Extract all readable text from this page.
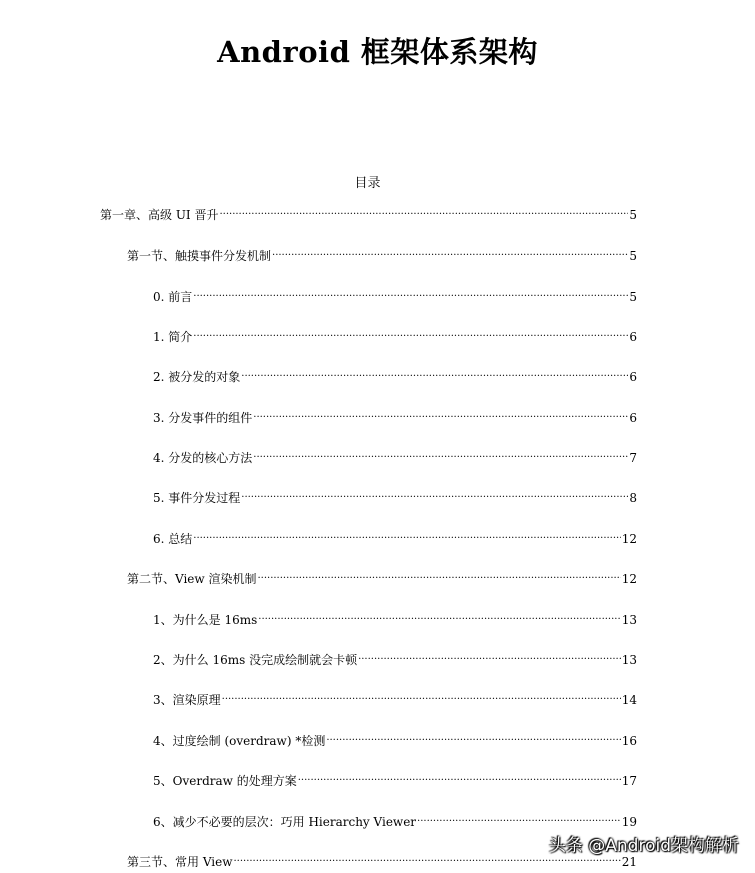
Android 框架体系架构
目录
第一章、高级 UI 晋升 .....	5
第一节、触摸事件分发机制 .....	5
0. 前言 .....	5
1. 简介 .....	6
2. 被分发的对象 .....	6
3. 分发事件的组件 .....	6
4. 分发的核心方法 .....	7
5. 事件分发过程 .....	8
6. 总结 .....	12
第二节、View 渲染机制 .....	12
1、为什么是 16ms .....	13
2、为什么 16ms 没完成绘制就会卡顿 .....	13
3、渲染原理 .....	14
4、过度绘制 (overdraw) *检测 .....	16
5、Overdraw 的处理方案 .....	17
6、减少不必要的层次：巧用 Hierarchy Viewer .....	19
第三节、常用 View .....	21
头条 @Android架构解析
